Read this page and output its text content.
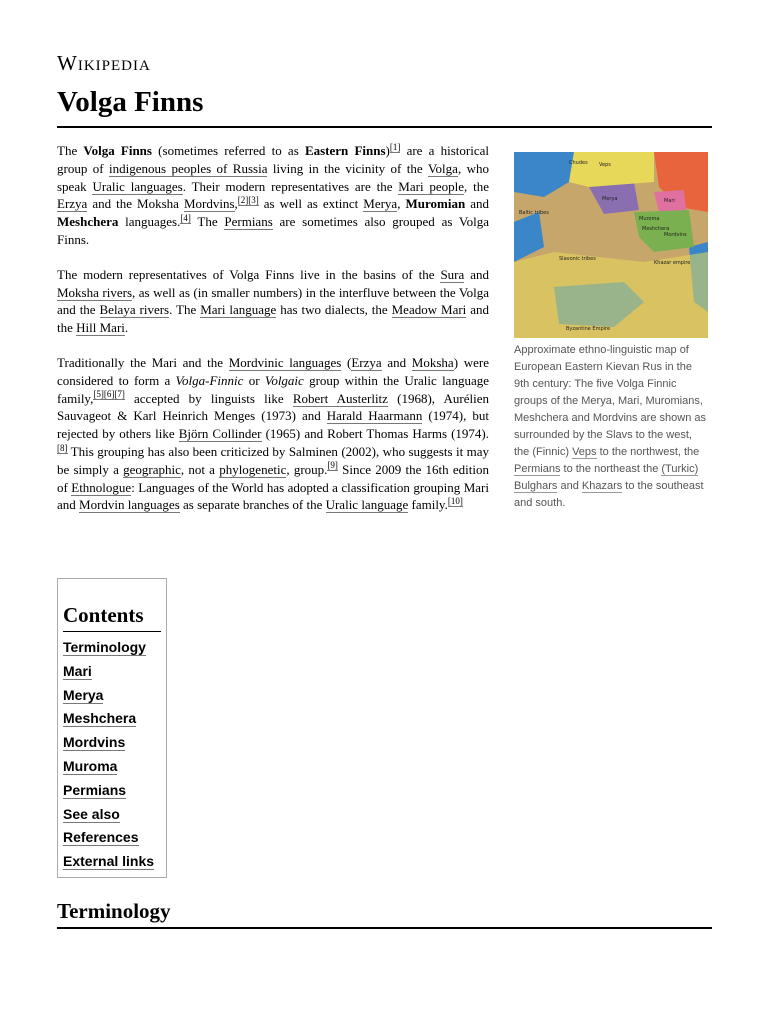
Wikipedia
Volga Finns

The Volga Finns (sometimes referred to as Eastern Finns)[1] are a historical group of indigenous peoples of Russia living in the vicinity of the Volga, who speak Uralic languages. Their modern representatives are the Mari people, the Erzya and the Moksha Mordvins,[2][3] as well as extinct Merya, Muromian and Meshchera languages.[4] The Permians are sometimes also grouped as Volga Finns.

The modern representatives of Volga Finns live in the basins of the Sura and Moksha rivers, as well as (in smaller numbers) in the interfluve between the Volga and the Belaya rivers. The Mari language has two dialects, the Meadow Mari and the Hill Mari.

Traditionally the Mari and the Mordvinic languages (Erzya and Moksha) were considered to form a Volga-Finnic or Volgaic group within the Uralic language family,[5][6][7] accepted by linguists like Robert Austerlitz (1968), Aurélien Sauvageot & Karl Heinrich Menges (1973) and Harald Haarmann (1974), but rejected by others like Björn Collinder (1965) and Robert Thomas Harms (1974).[8] This grouping has also been criticized by Salminen (2002), who suggests it may be simply a geographic, not a phylogenetic, group.[9] Since 2009 the 16th edition of Ethnologue: Languages of the World has adopted a classification grouping Mari and Mordvin languages as separate branches of the Uralic language family.[10]

Veps
Chudes
Mari
Merya
Muroma
Meshchera
Mordvins
Slavonic tribes
Khazar empire
Baltic tribes
Byzantine Empire
Approximate ethno-linguistic map of European Eastern Kievan Rus in the 9th century: The five Volga Finnic groups of the Merya, Mari, Muromians, Meshchera and Mordvins are shown as surrounded by the Slavs to the west, the (Finnic) Veps to the northwest, the Permians to the northeast the (Turkic) Bulghars and Khazars to the southeast and south.
Contents
Terminology
Mari
Merya
Meshchera
Mordvins
Muroma
Permians
See also
References
External links
Terminology
